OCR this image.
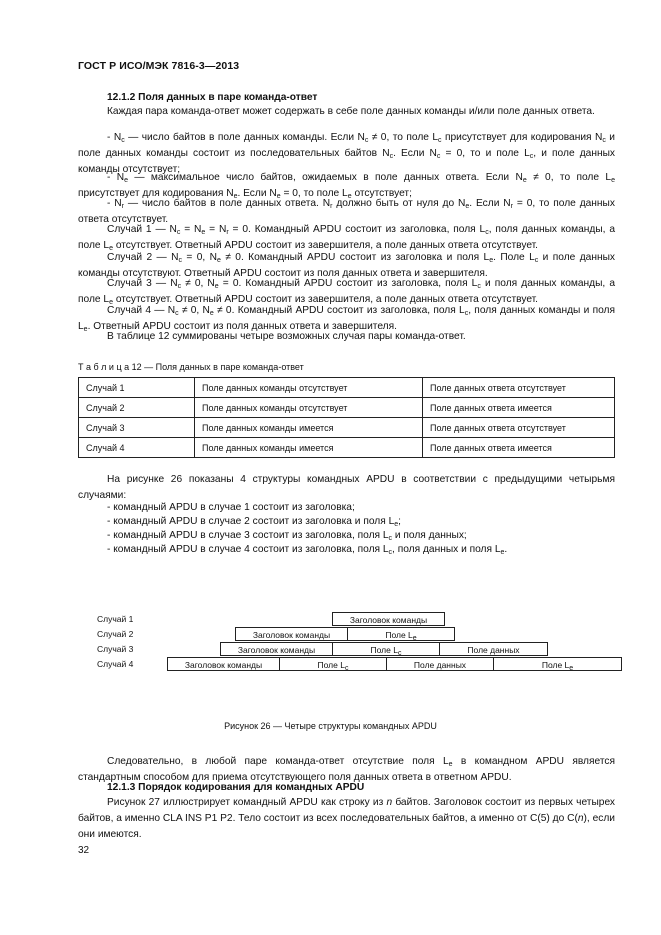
ГОСТ Р ИСО/МЭК 7816-3—2013
12.1.2 Поля данных в паре команда-ответ
Каждая пара команда-ответ может содержать в себе поле данных команды и/или поле данных ответа.
- $N_c$ — число байтов в поле данных команды. Если $N_c \ne 0$, то поле $L_c$ присутствует для кодирования $N_c$ и поле данных команды состоит из последовательных байтов $N_c$. Если $N_c = 0$, то и поле $L_c$, и поле данных команды отсутствует;
- $N_e$ — максимальное число байтов, ожидаемых в поле данных ответа. Если $N_e \ne 0$, то поле $L_e$ присутствует для кодирования $N_e$. Если $N_e = 0$, то поле $L_e$ отсутствует;
- $N_r$ — число байтов в поле данных ответа. $N_r$ должно быть от нуля до $N_e$. Если $N_r = 0$, то поле данных ответа отсутствует.
Случай 1 — $N_c = N_e = N_r = 0$. Командный APDU состоит из заголовка, поля $L_c$, поля данных команды, а поле $L_e$ отсутствует. Ответный APDU состоит из завершителя, а поле данных ответа отсутствует.
Случай 2 — $N_c = 0$, $N_e \ne 0$. Командный APDU состоит из заголовка и поля $L_e$. Поле $L_c$ и поле данных команды отсутствуют. Ответный APDU состоит из поля данных ответа и завершителя.
Случай 3 — $N_c \ne 0$, $N_e = 0$. Командный APDU состоит из заголовка, поля $L_c$ и поля данных команды, а поле $L_e$ отсутствует. Ответный APDU состоит из завершителя, а поле данных ответа отсутствует.
Случай 4 — $N_c \ne 0$, $N_e \ne 0$. Командный APDU состоит из заголовка, поля $L_c$, поля данных команды и поля $L_e$. Ответный APDU состоит из поля данных ответа и завершителя.
В таблице 12 суммированы четыре возможных случая пары команда-ответ.
Т а б л и ц а 12 — Поля данных в паре команда-ответ
Случай 1	Поле данных команды отсутствует	Поле данных ответа отсутствует
Случай 2	Поле данных команды отсутствует	Поле данных ответа имеется
Случай 3	Поле данных команды имеется	Поле данных ответа отсутствует
Случай 4	Поле данных команды имеется	Поле данных ответа имеется
На рисунке 26 показаны 4 структуры командных APDU в соответствии с предыдущими четырьмя случаями:
- командный APDU в случае 1 состоит из заголовка;
- командный APDU в случае 2 состоит из заголовка и поля $L_e$;
- командный APDU в случае 3 состоит из заголовка, поля $L_c$ и поля данных;
- командный APDU в случае 4 состоит из заголовка, поля $L_c$, поля данных и поля $L_e$.
Случай 1
Случай 2
Случай 3
Случай 4
Заголовок команды
Заголовок команды	Поле $L_e$
Заголовок команды	Поле $L_c$	Поле данных
Заголовок команды	Поле $L_c$	Поле данных	Поле $L_e$
Рисунок 26 — Четыре структуры командных APDU
Следовательно, в любой паре команда-ответ отсутствие поля $L_e$ в командном APDU является стандартным способом для приема отсутствующего поля данных ответа в ответном APDU.
12.1.3 Порядок кодирования для командных APDU
Рисунок 27 иллюстрирует командный APDU как строку из n байтов. Заголовок состоит из первых четырех байтов, а именно CLA INS P1 P2. Тело состоит из всех последовательных байтов, а именно от C(5) до C(n), если они имеются.
32
